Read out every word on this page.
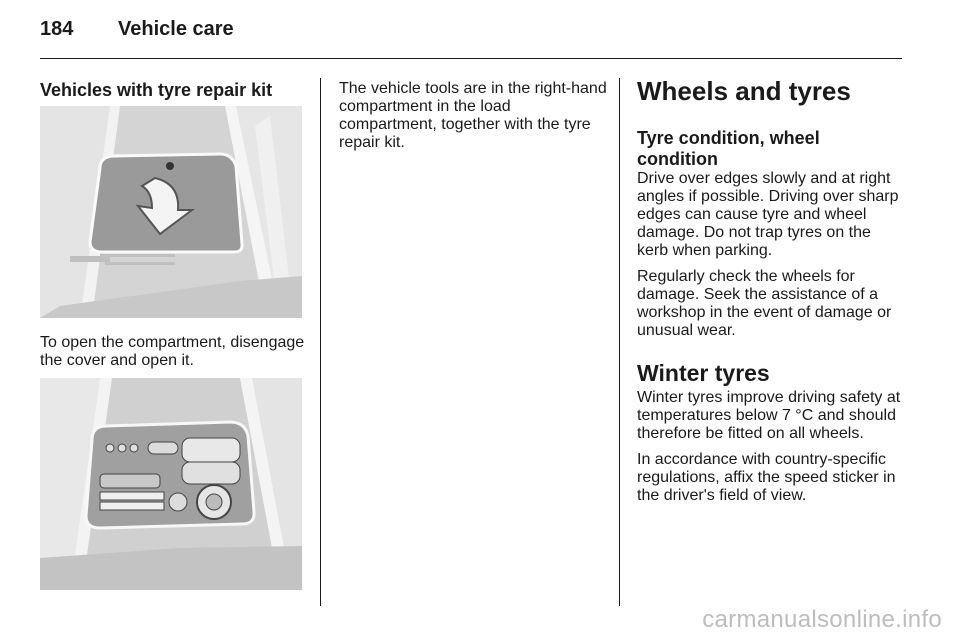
184 Vehicle care

Vehicles with tyre repair kit

To open the compartment, disengage the cover and open it.

The vehicle tools are in the right-hand compartment in the load compartment, together with the tyre repair kit.

Wheels and tyres

Tyre condition, wheel condition

Drive over edges slowly and at right angles if possible. Driving over sharp edges can cause tyre and wheel damage. Do not trap tyres on the kerb when parking.

Regularly check the wheels for damage. Seek the assistance of a workshop in the event of damage or unusual wear.

Winter tyres

Winter tyres improve driving safety at temperatures below 7 °C and should therefore be fitted on all wheels.

In accordance with country-specific regulations, affix the speed sticker in the driver's field of view.

carmanualsonline.info
